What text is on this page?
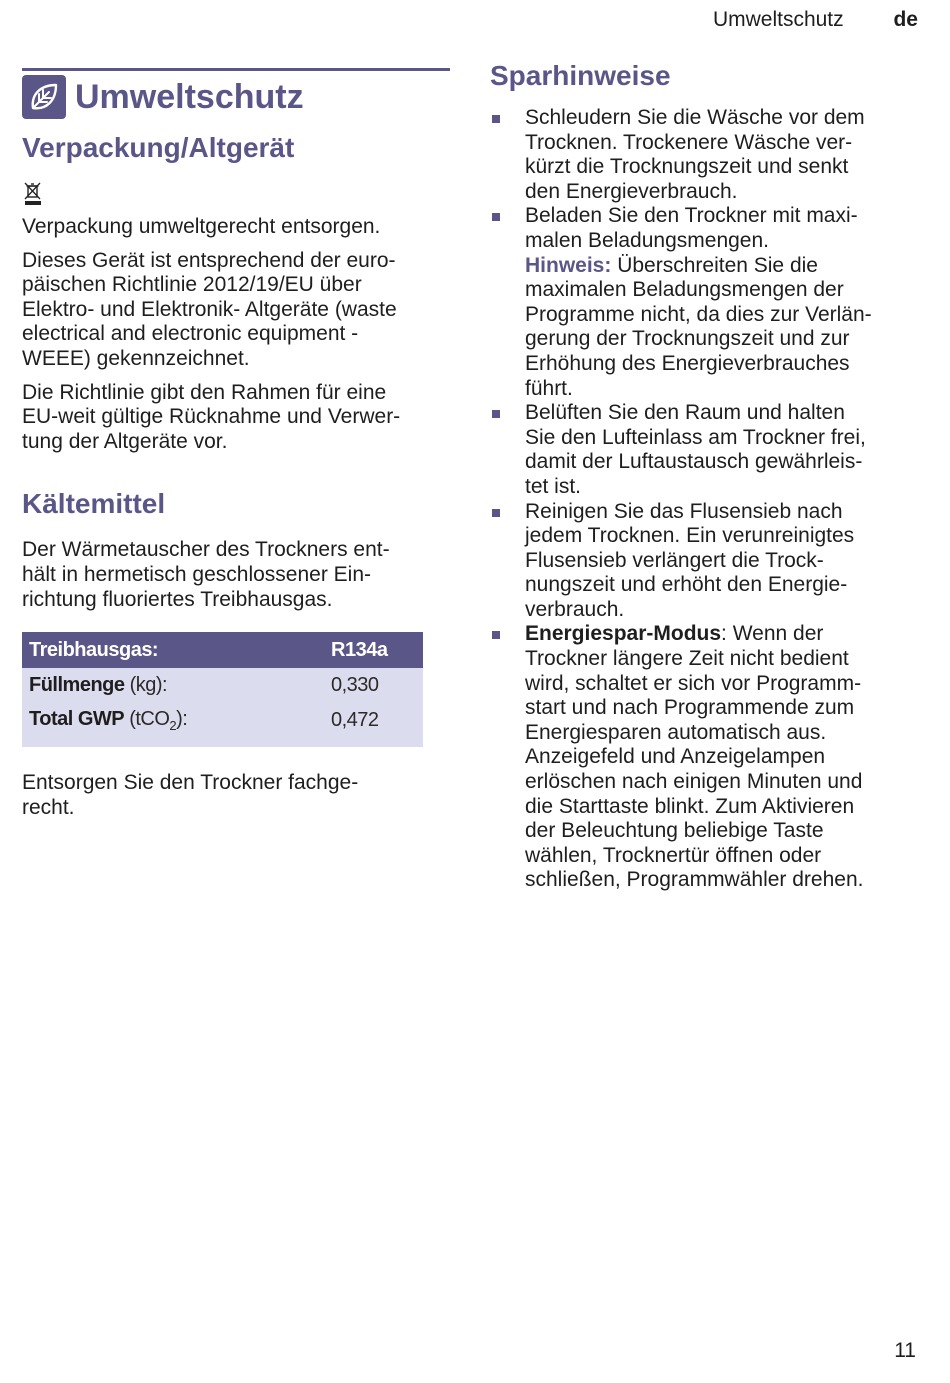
Umweltschutz de
Umweltschutz
Verpackung/Altgerät

Verpackung umweltgerecht entsorgen.

Dieses Gerät ist entsprechend der euro-
päischen Richtlinie 2012/19/EU über
Elektro- und Elektronik- Altgeräte (waste
electrical and electronic equipment -
WEEE) gekennzeichnet.

Die Richtlinie gibt den Rahmen für eine
EU-weit gültige Rücknahme und Verwer-
tung der Altgeräte vor.

Kältemittel

Der Wärmetauscher des Trockners ent-
hält in hermetisch geschlossener Ein-
richtung fluoriertes Treibhausgas.

Treibhausgas:	R134a
Füllmenge (kg):	0,330
Total GWP (tCO$_2$):	0,472

Entsorgen Sie den Trockner fachge-
recht.

Sparhinweise
Schleudern Sie die Wäsche vor dem
Trocknen. Trockenere Wäsche ver-
kürzt die Trocknungszeit und senkt
den Energieverbrauch.
Beladen Sie den Trockner mit maxi-
malen Beladungsmengen.
Hinweis: Überschreiten Sie die
maximalen Beladungsmengen der
Programme nicht, da dies zur Verlän-
gerung der Trocknungszeit und zur
Erhöhung des Energieverbrauches
führt.
Belüften Sie den Raum und halten
Sie den Lufteinlass am Trockner frei,
damit der Luftaustausch gewährleis-
tet ist.
Reinigen Sie das Flusensieb nach
jedem Trocknen. Ein verunreinigtes
Flusensieb verlängert die Trock-
nungszeit und erhöht den Energie-
verbrauch.
Energiespar-Modus: Wenn der
Trockner längere Zeit nicht bedient
wird, schaltet er sich vor Programm-
start und nach Programmende zum
Energiesparen automatisch aus.
Anzeigefeld und Anzeigelampen
erlöschen nach einigen Minuten und
die Starttaste blinkt. Zum Aktivieren
der Beleuchtung beliebige Taste
wählen, Trocknertür öffnen oder
schließen, Programmwähler drehen.
11
